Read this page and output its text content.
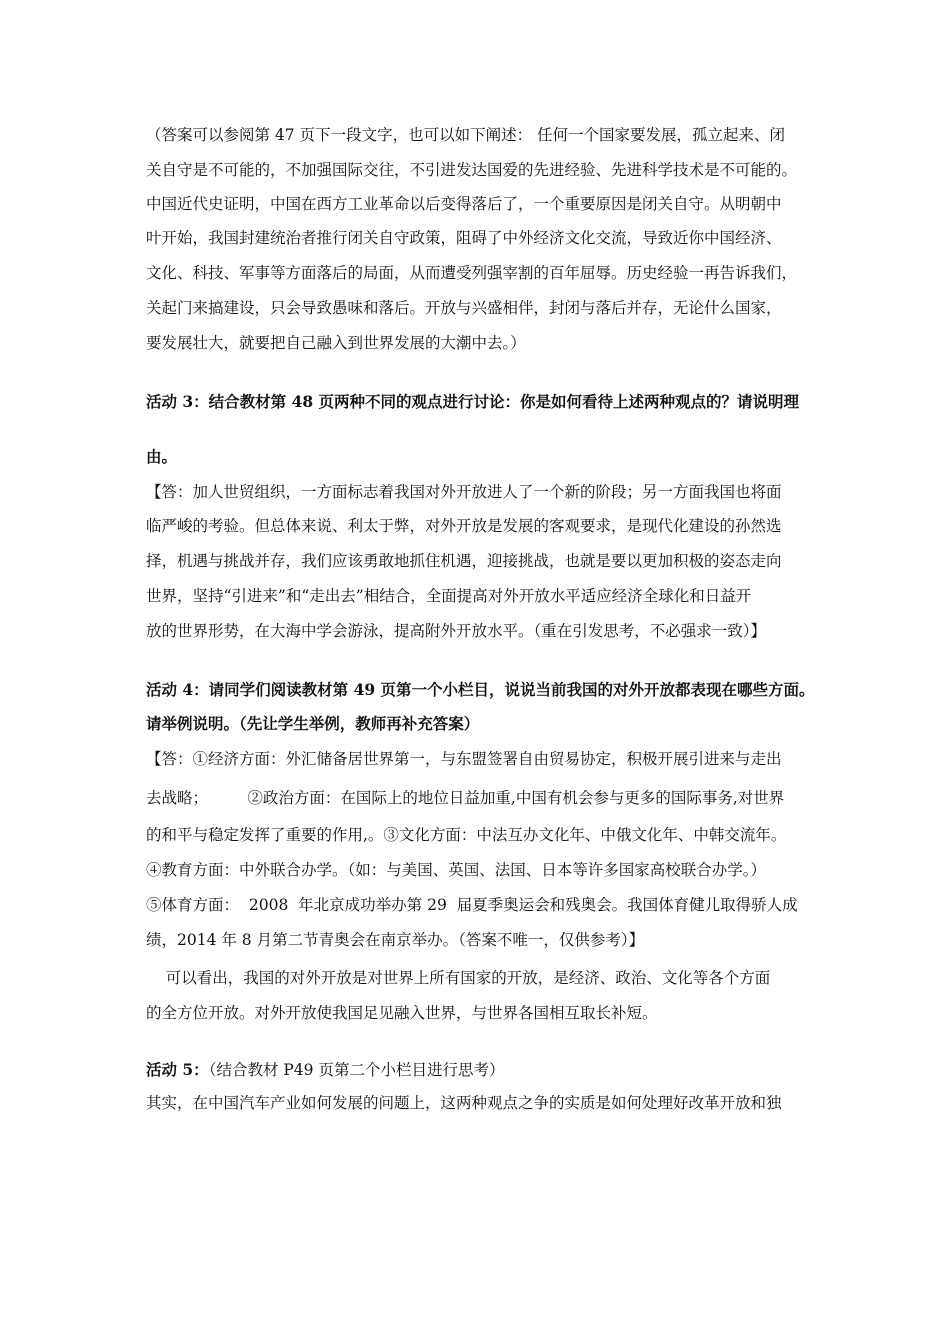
（答案可以参阅第 47 页下一段文字，也可以如下阐述： 任何一个国家要发展，孤立起来、闭
关自守是不可能的，不加强国际交往，不引进发达国爱的先进经验、先进科学技术是不可能的。
中国近代史证明，中国在西方工业革命以后变得落后了，一个重要原因是闭关自守。从明朝中
叶开始，我国封建统治者推行闭关自守政策，阻碍了中外经济文化交流，导致近你中国经济、
文化、科技、军事等方面落后的局面，从而遭受列强宰割的百年屈辱。历史经验一再告诉我们，
关起门来搞建设，只会导致愚味和落后。开放与兴盛相伴，封闭与落后并存，无论什么国家，
要发展壮大，就要把自己融入到世界发展的大潮中去。）
活动 3：结合教材第 48 页两种不同的观点进行讨论：你是如何看待上述两种观点的？请说明理
由。
【答：加人世贸组织，一方面标志着我国对外开放进人了一个新的阶段；另一方面我国也将面
临严峻的考验。但总体来说、利太于弊，对外开放是发展的客观要求，是现代化建设的孙然选
择，机遇与挑战并存，我们应该勇敢地抓住机遇，迎接挑战，也就是要以更加积极的姿态走向
世界，坚持“引进来”和“走出去”相结合，全面提高对外开放水平适应经济全球化和日益开
放的世界形势，在大海中学会游泳，提高附外开放水平。（重在引发思考，不必强求一致）】
活动 4：请同学们阅读教材第 49 页第一个小栏目，说说当前我国的对外开放都表现在哪些方面。
请举例说明。（先让学生举例，教师再补充答案）
【答：①经济方面：外汇储备居世界第一，与东盟签署自由贸易协定，积极开展引进来与走出
去战略；        ②政治方面：在国际上的地位日益加重,中国有机会参与更多的国际事务,对世界
的和平与稳定发挥了重要的作用,。③文化方面：中法互办文化年、中俄文化年、中韩交流年。
④教育方面：中外联合办学。（如：与美国、英国、法国、日本等许多国家高校联合办学。）
⑤体育方面：  2008  年北京成功举办第 29  届夏季奥运会和残奥会。我国体育健儿取得骄人成
绩，2014 年 8 月第二节青奥会在南京举办。（答案不唯一，仅供参考）】
可以看出，我国的对外开放是对世界上所有国家的开放，是经济、政治、文化等各个方面
的全方位开放。对外开放使我国足见融入世界，与世界各国相互取长补短。
活动 5：（结合教材 P49 页第二个小栏目进行思考）
其实，在中国汽车产业如何发展的问题上，这两种观点之争的实质是如何处理好改革开放和独
